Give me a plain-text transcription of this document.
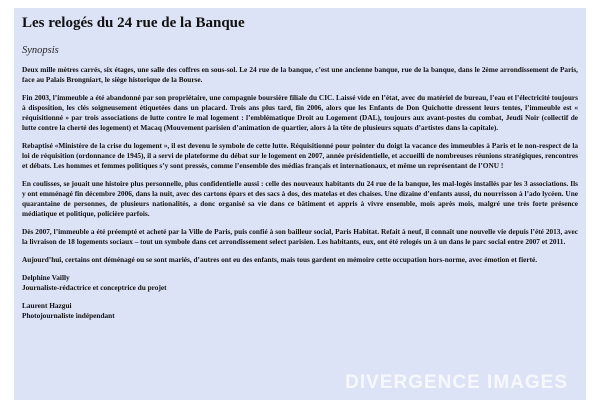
Les relogés du 24 rue de la Banque
Synopsis

Deux mille mètres carrés, six étages, une salle des coffres en sous-sol. Le 24 rue de la banque, c’est une ancienne banque, rue de la banque, dans le 2ème arrondissement de Paris, face au Palais Brongniart, le siège historique de la Bourse.

Fin 2003, l’immeuble a été abandonné par son propriétaire, une compagnie boursière filiale du CIC. Laissé vide en l’état, avec du matériel de bureau, l’eau et l’électricité toujours à disposition, les clés soigneusement étiquetées dans un placard. Trois ans plus tard, fin 2006, alors que les Enfants de Don Quichotte dressent leurs tentes, l’immeuble est « réquisitionné » par trois associations de lutte contre le mal logement : l’emblématique Droit au Logement (DAL), toujours aux avant-postes du combat, Jeudi Noir (collectif de lutte contre la cherté des logement) et Macaq (Mouvement parisien d’animation de quartier, alors à la tête de plusieurs squats d’artistes dans la capitale).

Rebaptisé «Ministère de la crise du logement », il est devenu le symbole de cette lutte. Réquisitionné pour pointer du doigt la vacance des immeubles à Paris et le non-respect de la loi de réquisition (ordonnance de 1945), il a servi de plateforme du débat sur le logement en 2007, année présidentielle, et accueilli de nombreuses réunions stratégiques, rencontres et débats. Les hommes et femmes politiques s’y sont pressés, comme l’ensemble des médias français et internationaux, et même un représentant de l’ONU !

En coulisses, se jouait une histoire plus personnelle, plus confidentielle aussi : celle des nouveaux habitants du 24 rue de la banque, les mal-logés installés par les 3 associations. Ils y ont emménagé fin décembre 2006, dans la nuit, avec des cartons épars et des sacs à dos, des matelas et des chaises. Une dizaine d’enfants aussi, du nourrisson à l’ado lycéen. Une quarantaine de personnes, de plusieurs nationalités, a donc organisé sa vie dans ce bâtiment et appris à vivre ensemble, mois après mois, malgré une très forte présence médiatique et politique, policière parfois.

Dès 2007, l’immeuble a été préempté et acheté par la Ville de Paris, puis confié à son bailleur social, Paris Habitat. Refait à neuf, il connaît une nouvelle vie depuis l’été 2013, avec la livraison de 18 logements sociaux – tout un symbole dans cet arrondissement select parisien. Les habitants, eux, ont été relogés un à un dans le parc social entre 2007 et 2011.

Aujourd’hui, certains ont déménagé ou se sont mariés, d’autres ont eu des enfants, mais tous gardent en mémoire cette occupation hors-norme, avec émotion et fierté.

Delphine Vailly
Journaliste-rédactrice et conceptrice du projet
Laurent Hazgui
Photojournaliste indépendant
DIVERGENCE IMAGES
